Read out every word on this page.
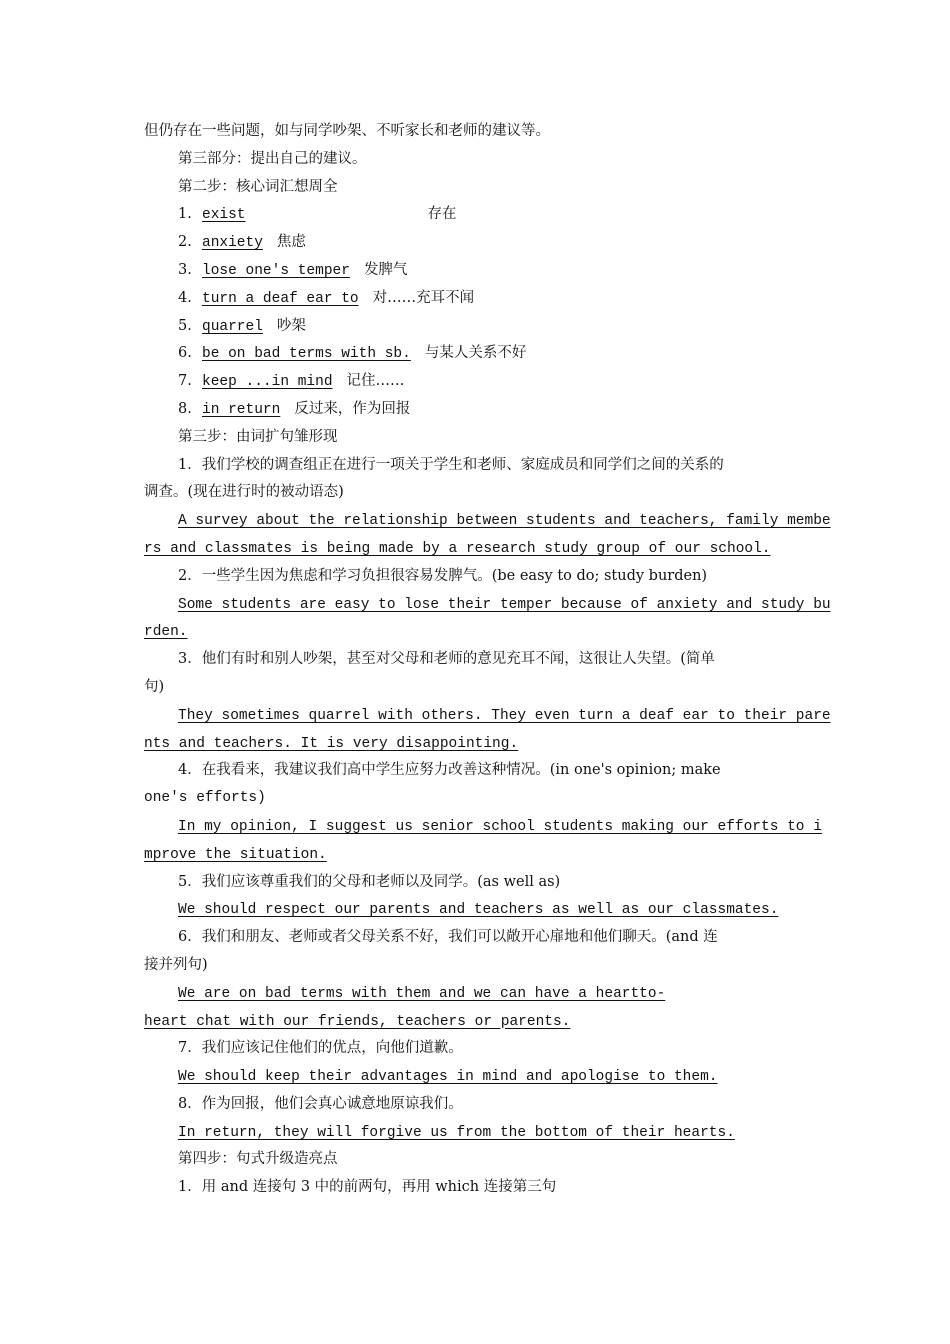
但仍存在一些问题，如与同学吵架、不听家长和老师的建议等。
第三部分：提出自己的建议。
第二步：核心词汇想周全
1. exist	存在
2. anxiety 焦虑
3. lose one's temper 发脾气
4. turn a deaf ear to 对……充耳不闻
5. quarrel 吵架
6. be on bad terms with sb. 与某人关系不好
7. keep ...in mind 记住……
8. in return 反过来，作为回报
第三步：由词扩句雏形现
1．我们学校的调查组正在进行一项关于学生和老师、家庭成员和同学们之间的关系的
调查。(现在进行时的被动语态)
A survey about the relationship between students and teachers, family membe
rs and classmates is being made by a research study group of our school.
2．一些学生因为焦虑和学习负担很容易发脾气。(be easy to do; study burden)
Some students are easy to lose their temper because of anxiety and study bu
rden.
3．他们有时和别人吵架，甚至对父母和老师的意见充耳不闻，这很让人失望。(简单
句)
They sometimes quarrel with others. They even turn a deaf ear to their pare
nts and teachers. It is very disappointing.
4．在我看来，我建议我们高中学生应努力改善这种情况。(in one's opinion; make
one's efforts)
In my opinion, I suggest us senior school students making our efforts to i
mprove the situation.
5．我们应该尊重我们的父母和老师以及同学。(as well as)
We should respect our parents and teachers as well as our classmates.
6．我们和朋友、老师或者父母关系不好，我们可以敞开心扉地和他们聊天。(and 连
接并列句)
We are on bad terms with them and we can have a heartto-
heart chat with our friends, teachers or parents.
7．我们应该记住他们的优点，向他们道歉。
We should keep their advantages in mind and apologise to them.
8．作为回报，他们会真心诚意地原谅我们。
In return, they will forgive us from the bottom of their hearts.
第四步：句式升级造亮点
1．用 and 连接句 3 中的前两句，再用 which 连接第三句
